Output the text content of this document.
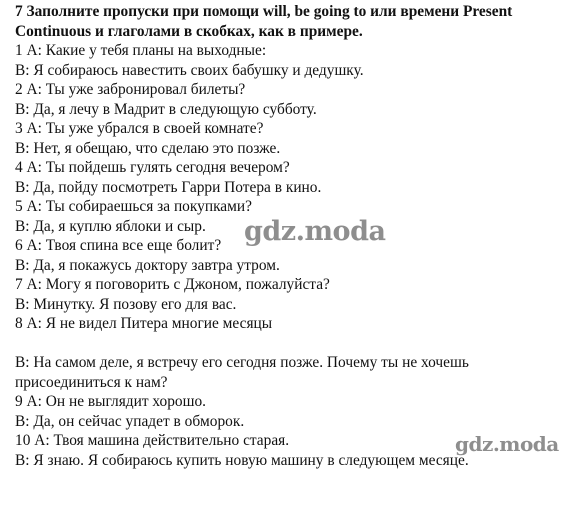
7 Заполните пропуски при помощи will, be going to или времени Present
Continuous и глаголами в скобках, как в примере.

1 А: Какие у тебя планы на выходные:

В: Я собираюсь навестить своих бабушку и дедушку.

2 А: Ты уже забронировал билеты?

В: Да, я лечу в Мадрит в следующую субботу.

3 А: Ты уже убрался в своей комнате?

В: Нет, я обещаю, что сделаю это позже.

4 А: Ты пойдешь гулять сегодня вечером?

В: Да, пойду посмотреть Гарри Потера в кино.

5 А: Ты собираешься за покупками?

В: Да, я куплю яблоки и сыр.

6 А: Твоя спина все еще болит?

В: Да, я покажусь доктору завтра утром.

7 А: Могу я поговорить с Джоном, пожалуйста?

В: Минутку. Я позову его для вас.

8 А: Я не видел Питера многие месяцы

В: На самом деле, я встречу его сегодня позже. Почему ты не хочешь присоединиться к нам?

9 А: Он не выглядит хорошо.

В: Да, он сейчас упадет в обморок.

10 А: Твоя машина действительно старая.

В: Я знаю. Я собираюсь купить новую машину в следующем месяце.

gdz.moda
gdz.moda
